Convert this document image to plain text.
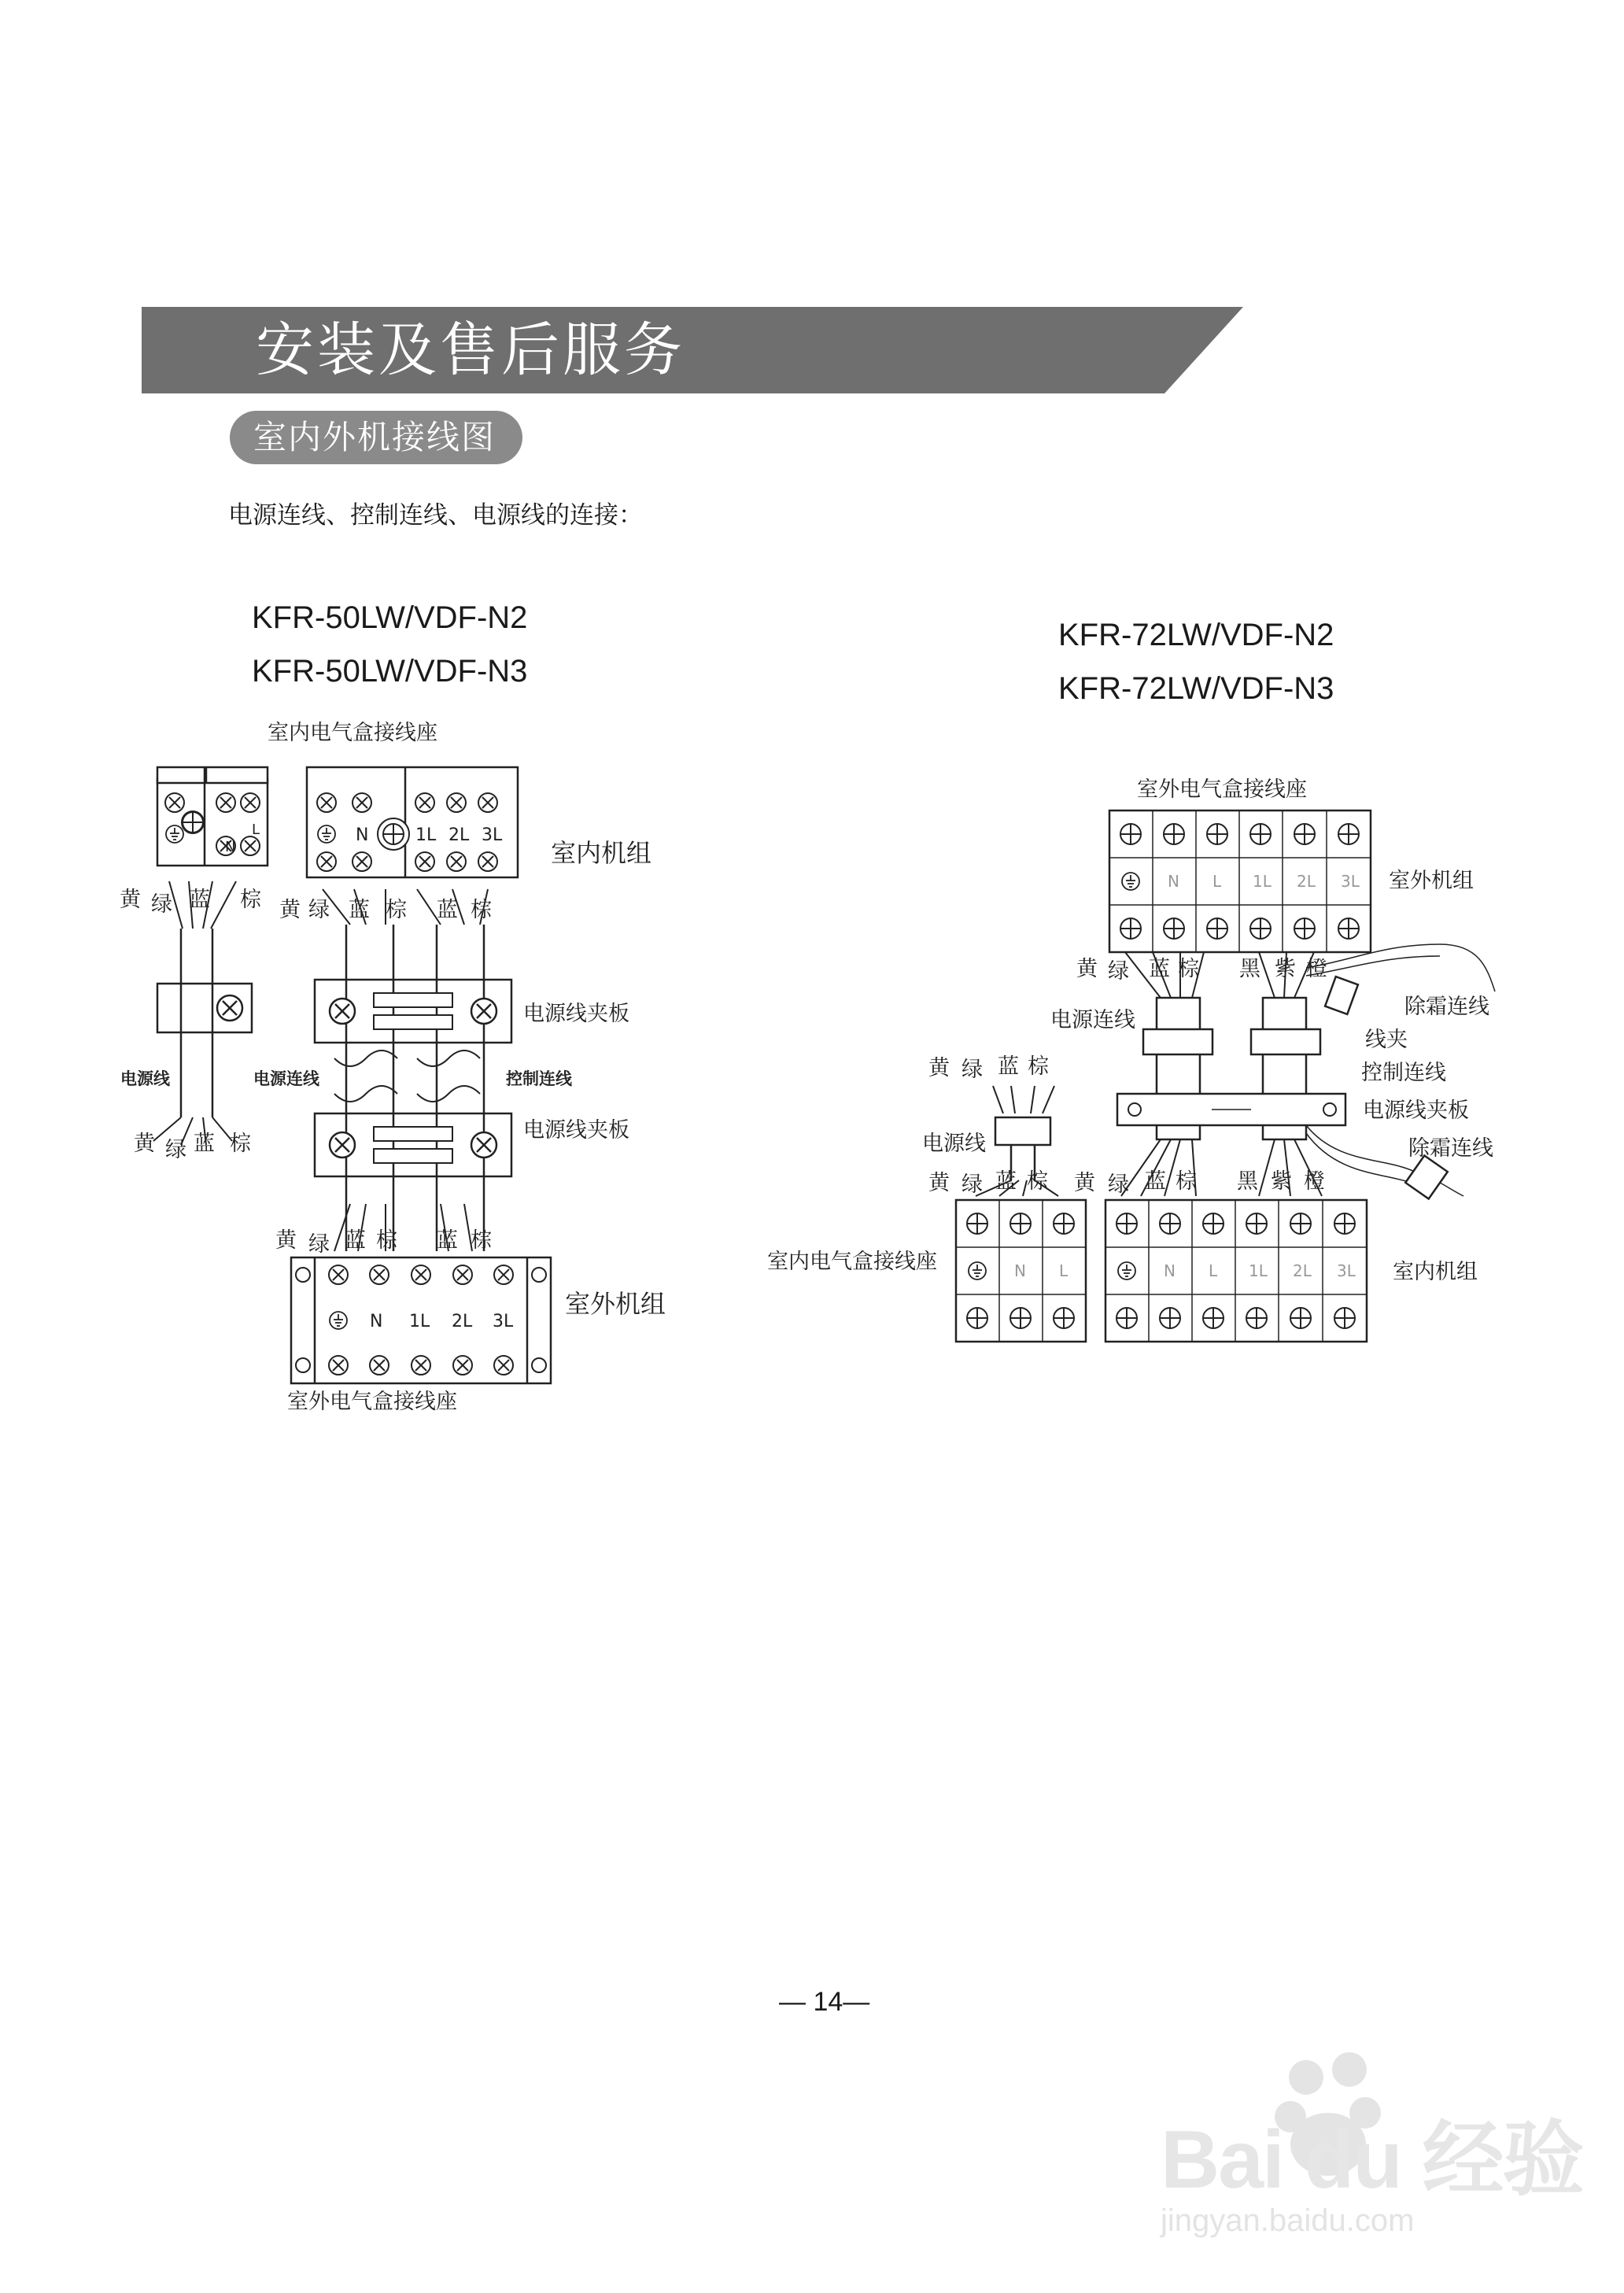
安装及售后服务
室内外机接线图
电源连线、控制连线、电源线的连接：
KFR-50LW/VDF-N2
KFR-50LW/VDF-N3
KFR-72LW/VDF-N2
KFR-72LW/VDF-N3
室内电气盒接线座
室内机组
电源线夹板
电源线夹板
室外机组
室外电气盒接线座
电源线	电源连线	控制连线
N
L	N	1L 2L 3L
N 1L 2L 3L
黄 绿 蓝 棕 黄 绿 蓝 棕 蓝 棕
黄 绿 蓝 棕
黄 绿 蓝 棕 蓝 棕
N L 1L 2L 3L
N L	N L 1L 2L 3L
室外电气盒接线座
室外机组
除霜连线
电源连线
线夹
控制连线
电源线夹板
除霜连线
电源线
室内电气盒接线座	室内机组
黄 绿 蓝 棕 黑 紫 橙
黄 绿 蓝 棕
黄 绿 蓝 棕 黄 绿 蓝 棕 黑 紫 橙
— 14—
Bai du 经验
jingyan.baidu.com
